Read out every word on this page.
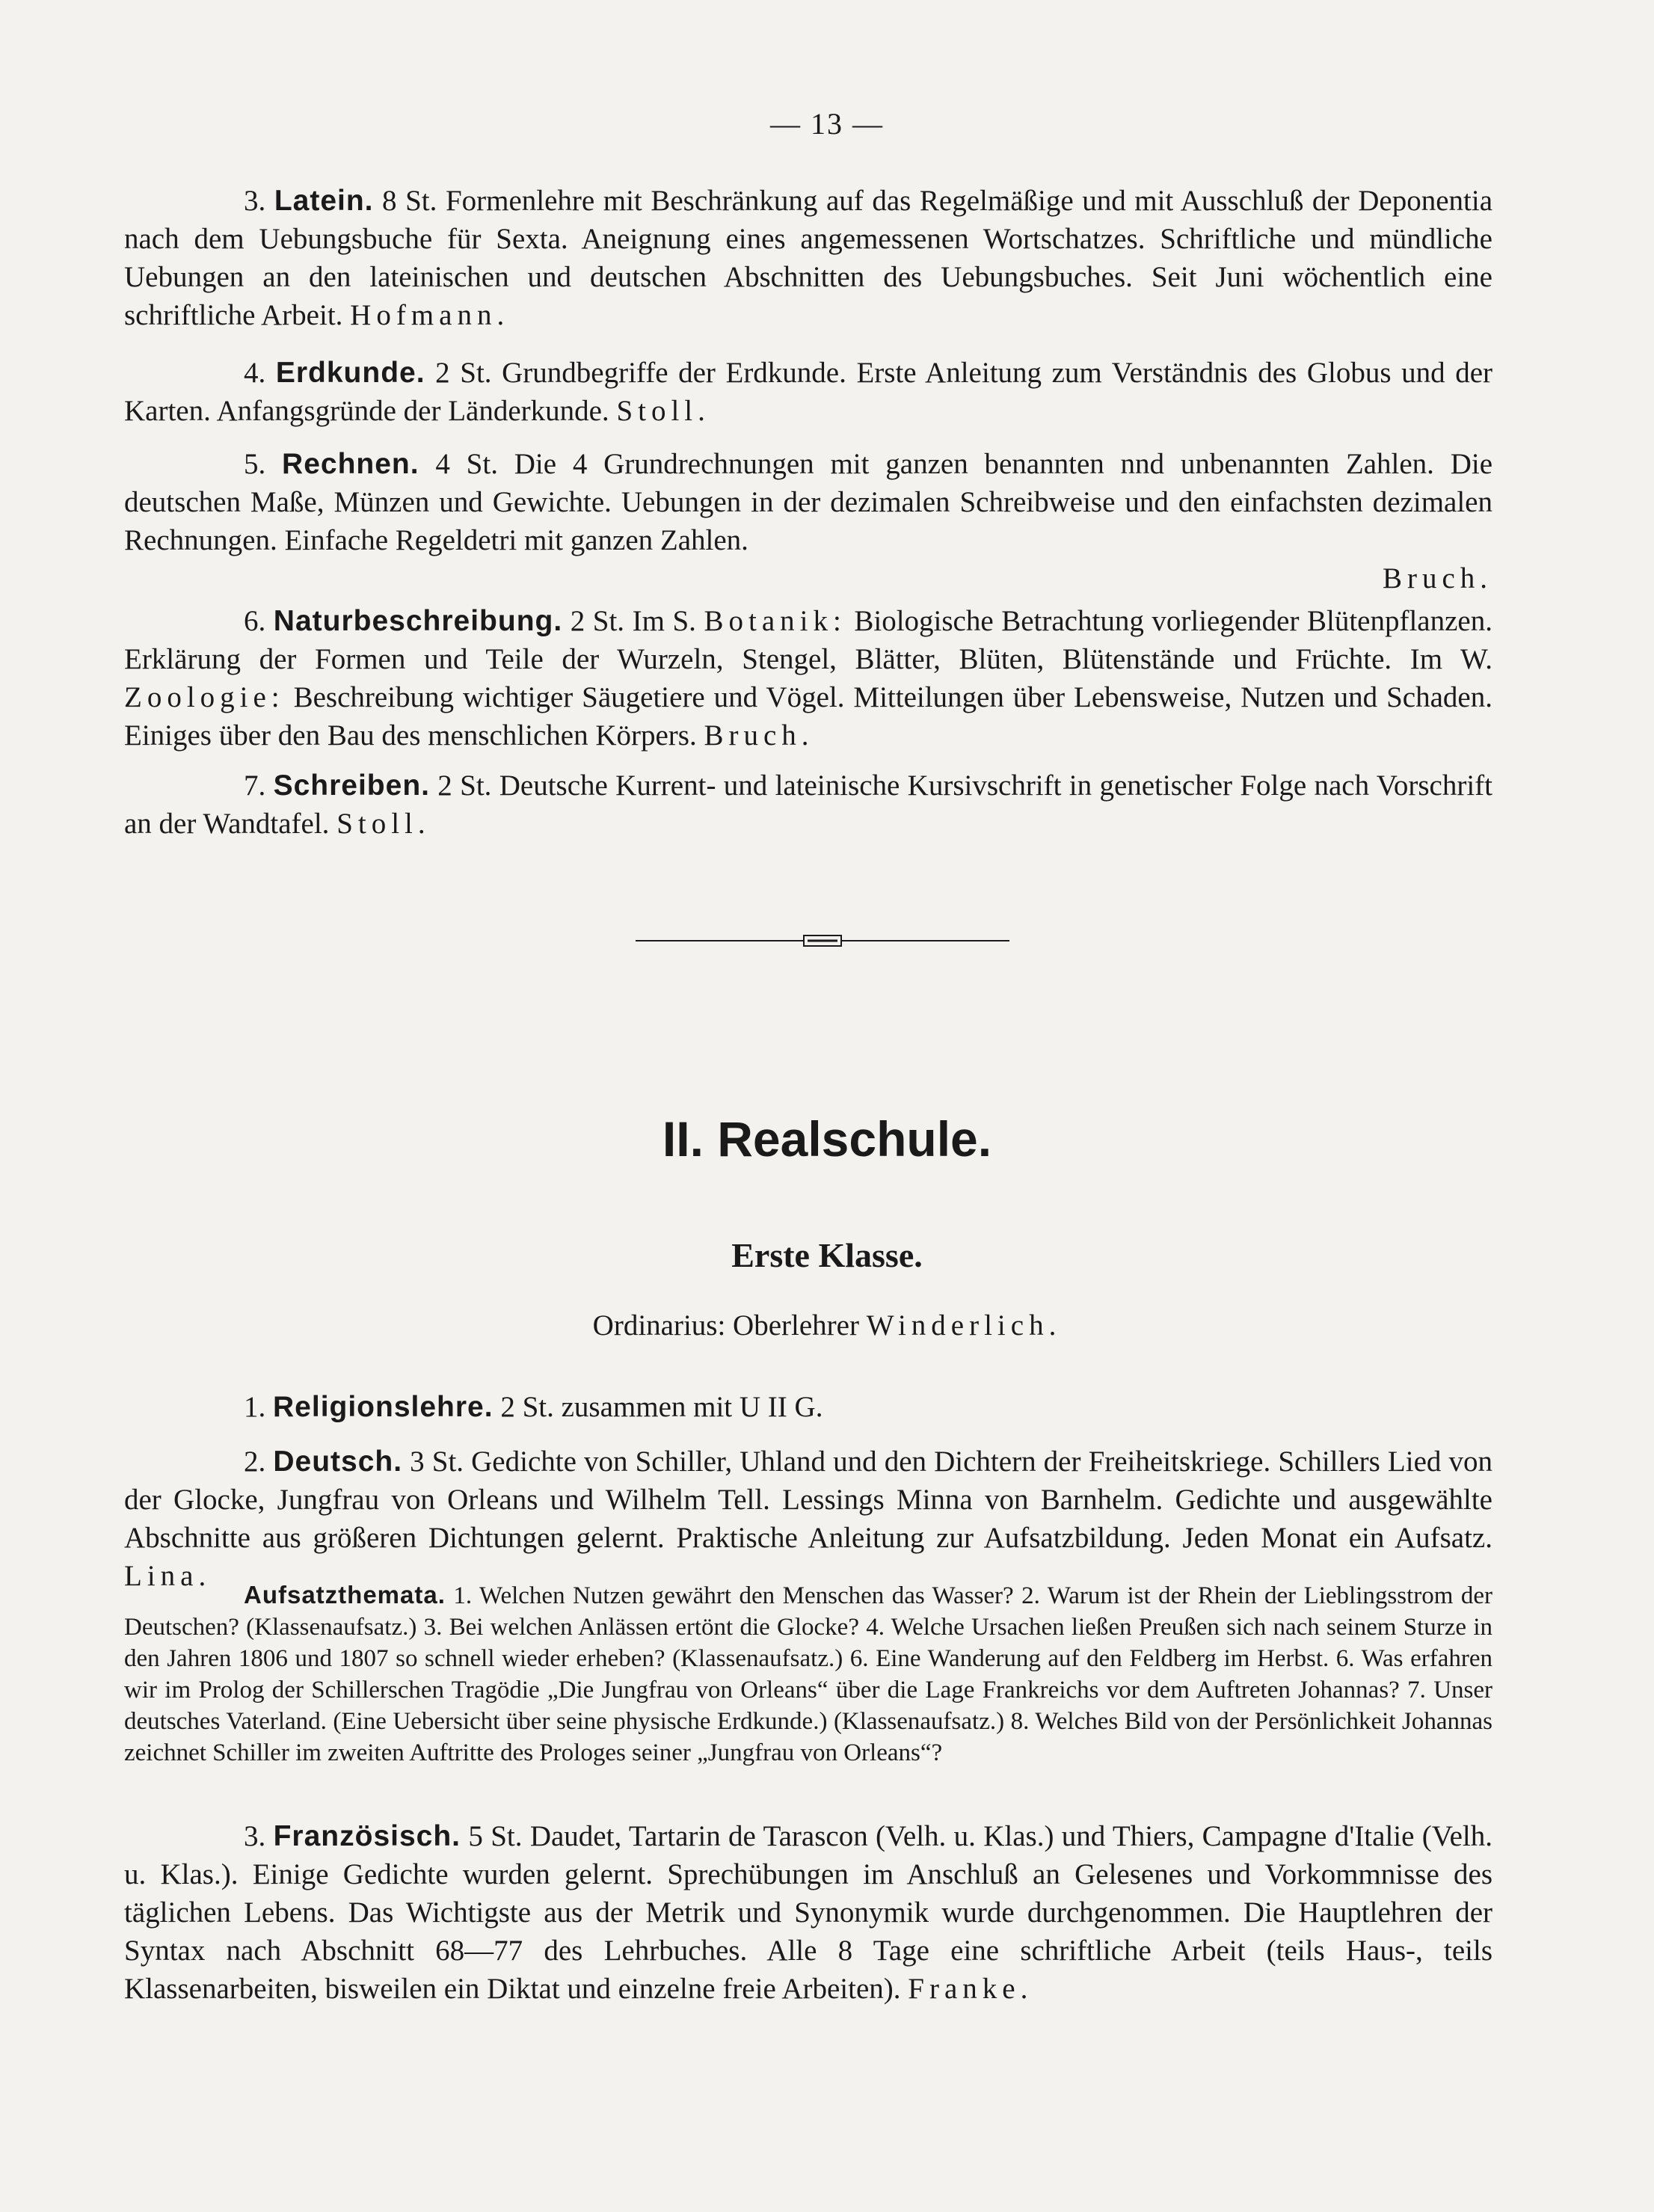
— 13 —

3. Latein. 8 St. Formenlehre mit Beschränkung auf das Regelmäßige und mit Ausschluß der Deponentia nach dem Uebungsbuche für Sexta. Aneignung eines angemessenen Wortschatzes. Schriftliche und mündliche Uebungen an den lateinischen und deutschen Abschnitten des Uebungsbuches. Seit Juni wöchentlich eine schriftliche Arbeit. Hofmann.

4. Erdkunde. 2 St. Grundbegriffe der Erdkunde. Erste Anleitung zum Verständnis des Globus und der Karten. Anfangsgründe der Länderkunde. Stoll.

5. Rechnen. 4 St. Die 4 Grundrechnungen mit ganzen benannten nnd unbenannten Zahlen. Die deutschen Maße, Münzen und Gewichte. Uebungen in der dezimalen Schreibweise und den einfachsten dezimalen Rechnungen. Einfache Regeldetri mit ganzen Zahlen.

Bruch.

6. Naturbeschreibung. 2 St. Im S. Botanik: Biologische Betrachtung vorliegender Blütenpflanzen. Erklärung der Formen und Teile der Wurzeln, Stengel, Blätter, Blüten, Blütenstände und Früchte. Im W. Zoologie: Beschreibung wichtiger Säugetiere und Vögel. Mitteilungen über Lebensweise, Nutzen und Schaden. Einiges über den Bau des menschlichen Körpers. Bruch.

7. Schreiben. 2 St. Deutsche Kurrent- und lateinische Kursivschrift in genetischer Folge nach Vorschrift an der Wandtafel. Stoll.

II. Realschule.
Erste Klasse.
Ordinarius: Oberlehrer Winderlich.

1. Religionslehre. 2 St. zusammen mit U II G.

2. Deutsch. 3 St. Gedichte von Schiller, Uhland und den Dichtern der Freiheitskriege. Schillers Lied von der Glocke, Jungfrau von Orleans und Wilhelm Tell. Lessings Minna von Barnhelm. Gedichte und ausgewählte Abschnitte aus größeren Dichtungen gelernt. Praktische Anleitung zur Aufsatzbildung. Jeden Monat ein Aufsatz. Lina.

Aufsatzthemata. 1. Welchen Nutzen gewährt den Menschen das Wasser? 2. Warum ist der Rhein der Lieblingsstrom der Deutschen? (Klassenaufsatz.) 3. Bei welchen Anlässen ertönt die Glocke? 4. Welche Ursachen ließen Preußen sich nach seinem Sturze in den Jahren 1806 und 1807 so schnell wieder erheben? (Klassenaufsatz.) 6. Eine Wanderung auf den Feldberg im Herbst. 6. Was erfahren wir im Prolog der Schillerschen Tragödie „Die Jungfrau von Orleans“ über die Lage Frankreichs vor dem Auftreten Johannas? 7. Unser deutsches Vaterland. (Eine Uebersicht über seine physische Erdkunde.) (Klassenaufsatz.) 8. Welches Bild von der Persönlichkeit Johannas zeichnet Schiller im zweiten Auftritte des Prologes seiner „Jungfrau von Orleans“?

3. Französisch. 5 St. Daudet, Tartarin de Tarascon (Velh. u. Klas.) und Thiers, Campagne d'Italie (Velh. u. Klas.). Einige Gedichte wurden gelernt. Sprechübungen im Anschluß an Gelesenes und Vorkommnisse des täglichen Lebens. Das Wichtigste aus der Metrik und Synonymik wurde durchgenommen. Die Hauptlehren der Syntax nach Abschnitt 68—77 des Lehrbuches. Alle 8 Tage eine schriftliche Arbeit (teils Haus-, teils Klassenarbeiten, bisweilen ein Diktat und einzelne freie Arbeiten). Franke.
